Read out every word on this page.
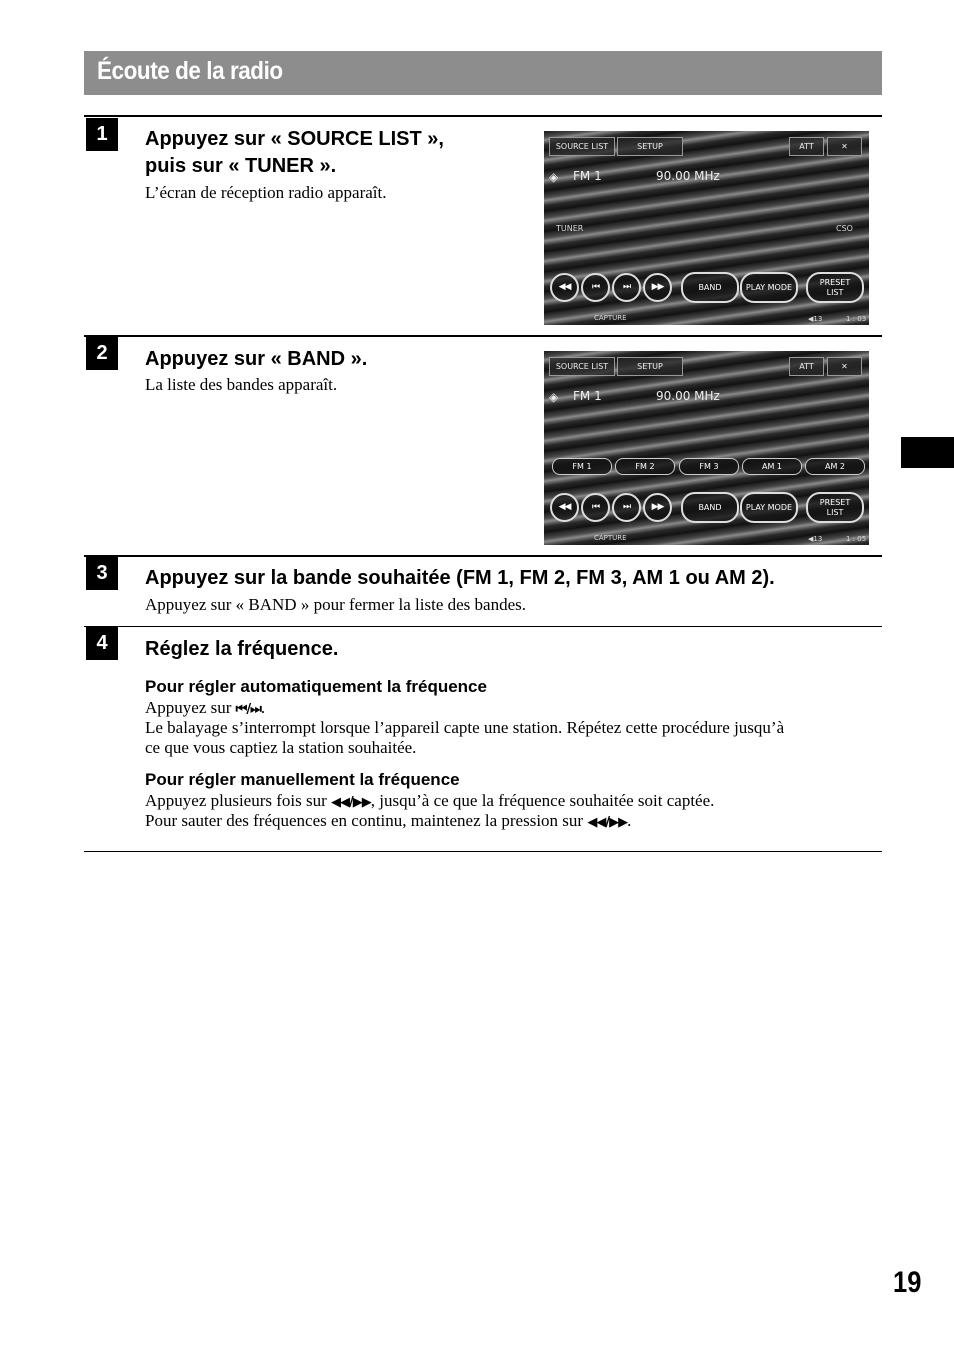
Écoute de la radio
1	Appuyez sur « SOURCE LIST »,
puis sur « TUNER ».
L’écran de réception radio apparaît.
SOURCE LIST	SETUP	ATT	✕
◈ FM 1	90.00 MHz
TUNER	CSO
◀◀	⏮	⏭	▶▶	BAND	PLAY MODE
PRESET
LIST
CAPTURE	◀13	1 : 03
2	Appuyez sur « BAND ».
La liste des bandes apparaît.
SOURCE LIST	SETUP	ATT	✕
◈ FM 1	90.00 MHz
FM 1	FM 2	FM 3	AM 1	AM 2
◀◀	⏮	⏭	▶▶	BAND	PLAY MODE
PRESET
LIST
CAPTURE	◀13	1 : 05
3	Appuyez sur la bande souhaitée (FM 1, FM 2, FM 3, AM 1 ou AM 2).
Appuyez sur « BAND » pour fermer la liste des bandes.
4	Réglez la fréquence.
Pour régler automatiquement la fréquence
Appuyez sur ⏮/⏭.
Le balayage s’interrompt lorsque l’appareil capte une station. Répétez cette procédure jusqu’à
ce que vous captiez la station souhaitée.
Pour régler manuellement la fréquence
Appuyez plusieurs fois sur ◀◀/▶▶, jusqu’à ce que la fréquence souhaitée soit captée.
Pour sauter des fréquences en continu, maintenez la pression sur ◀◀/▶▶.
19
